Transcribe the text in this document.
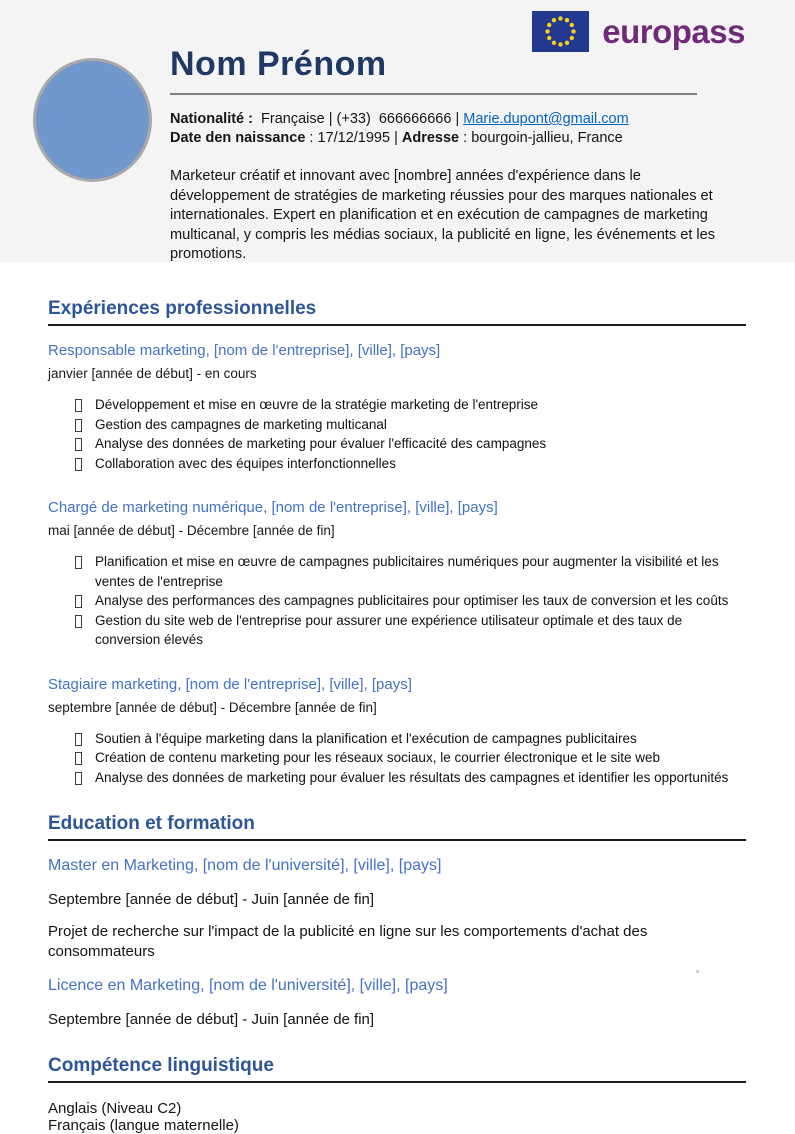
europass
Nom Prénom
Nationalité :  Française | (+33)  666666666 | Marie.dupont@gmail.com
Date den naissance : 17/12/1995 | Adresse : bourgoin-jallieu, France
Marketeur créatif et innovant avec [nombre] années d'expérience dans le développement de stratégies de marketing réussies pour des marques nationales et internationales. Expert en planification et en exécution de campagnes de marketing multicanal, y compris les médias sociaux, la publicité en ligne, les événements et les promotions.
Expériences professionnelles
Responsable marketing, [nom de l'entreprise], [ville], [pays]
janvier [année de début] - en cours
Développement et mise en œuvre de la stratégie marketing de l'entreprise
Gestion des campagnes de marketing multicanal
Analyse des données de marketing pour évaluer l'efficacité des campagnes
Collaboration avec des équipes interfonctionnelles
Chargé de marketing numérique, [nom de l'entreprise], [ville], [pays]
mai [année de début] - Décembre [année de fin]
Planification et mise en œuvre de campagnes publicitaires numériques pour augmenter la visibilité et les ventes de l'entreprise
Analyse des performances des campagnes publicitaires pour optimiser les taux de conversion et les coûts
Gestion du site web de l'entreprise pour assurer une expérience utilisateur optimale et des taux de conversion élevés
Stagiaire marketing, [nom de l'entreprise], [ville], [pays]
septembre [année de début] - Décembre [année de fin]
Soutien à l'équipe marketing dans la planification et l'exécution de campagnes publicitaires
Création de contenu marketing pour les réseaux sociaux, le courrier électronique et le site web
Analyse des données de marketing pour évaluer les résultats des campagnes et identifier les opportunités
Education et formation
Master en Marketing, [nom de l'université], [ville], [pays]
Septembre [année de début] - Juin [année de fin]
Projet de recherche sur l'impact de la publicité en ligne sur les comportements d'achat des consommateurs
Licence en Marketing, [nom de l'université], [ville], [pays]
Septembre [année de début] - Juin [année de fin]
Compétence linguistique
Anglais (Niveau C2)
Français (langue maternelle)
